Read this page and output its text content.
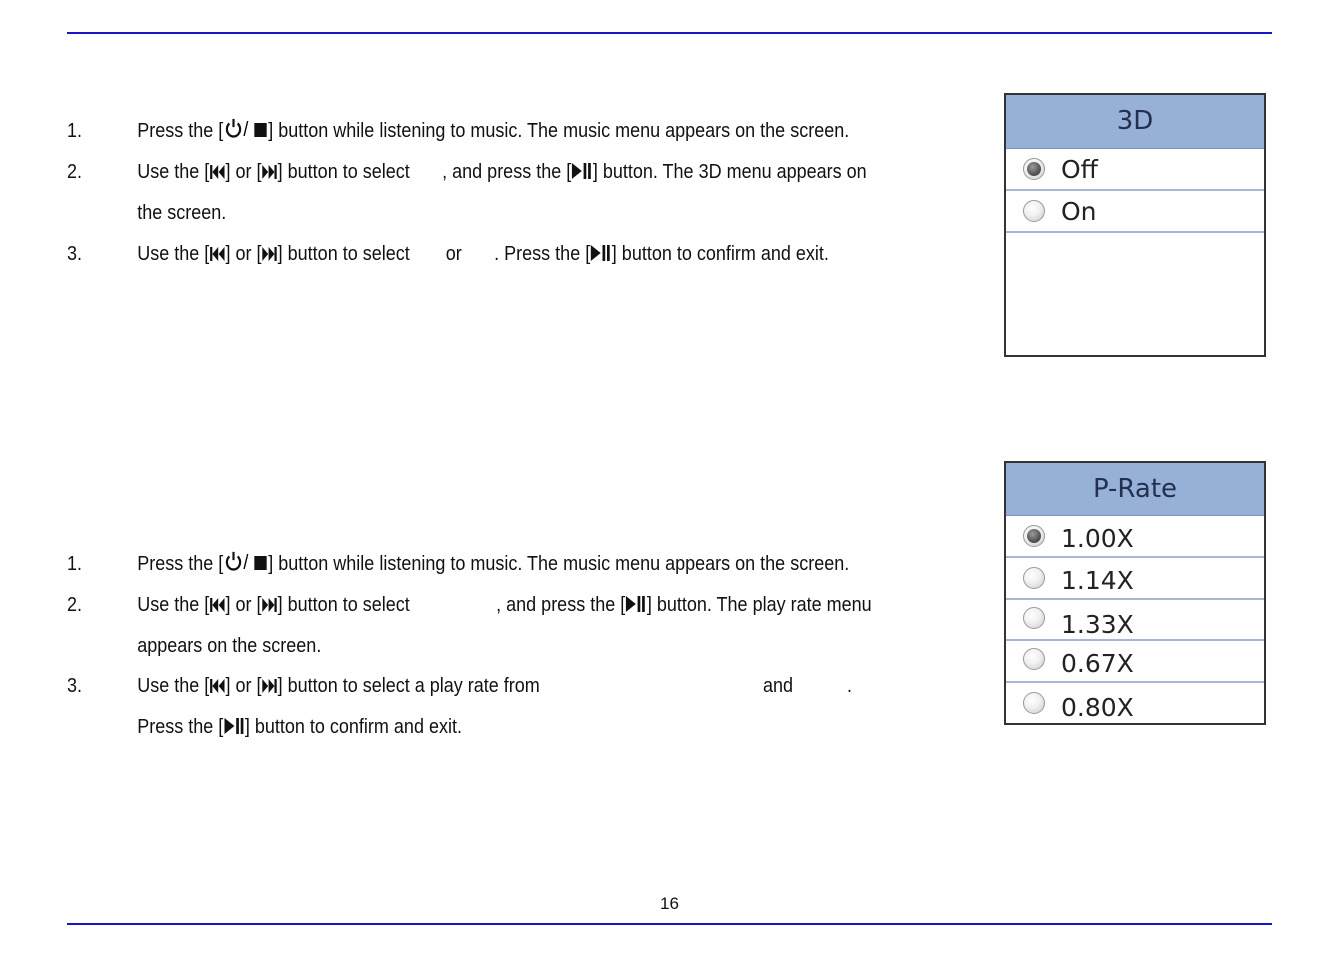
1.	Press the [ / ] button while listening to music. The music menu appears on the screen.
2.	Use the [ ] or [ ] button to select , and press the [ ] button. The 3D menu appears on
the screen.
3.	Use the [ ] or [ ] button to select or . Press the [ ] button to confirm and exit.
3D
Off
On
1.	Press the [ / ] button while listening to music. The music menu appears on the screen.
2.	Use the [ ] or [ ] button to select	, and press the [ ] button. The play rate menu
appears on the screen.
3.	Use the [ ] or [ ] button to select a play rate from	and	.
Press the [ ] button to confirm and exit.
P-Rate
1.00X
1.14X
1.33X
0.67X
0.80X
16
